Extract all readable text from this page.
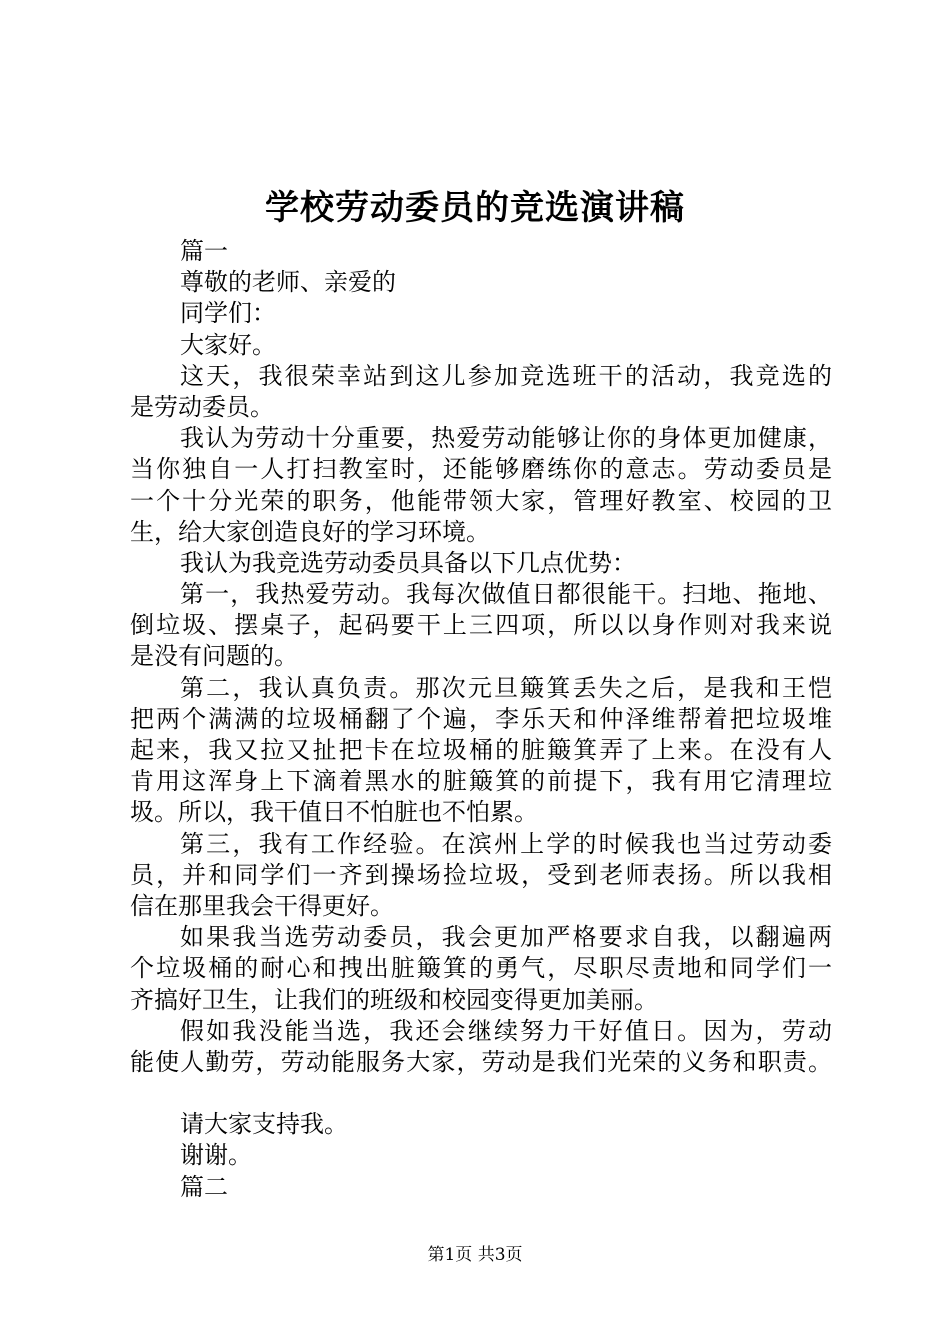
学校劳动委员的竞选演讲稿
篇一
尊敬的老师、亲爱的
同学们：
大家好。
这天，我很荣幸站到这儿参加竞选班干的活动，我竞选的
是劳动委员。
我认为劳动十分重要，热爱劳动能够让你的身体更加健康，
当你独自一人打扫教室时，还能够磨练你的意志。劳动委员是
一个十分光荣的职务，他能带领大家，管理好教室、校园的卫
生，给大家创造良好的学习环境。
我认为我竞选劳动委员具备以下几点优势：
第一，我热爱劳动。我每次做值日都很能干。扫地、拖地、
倒垃圾、摆桌子，起码要干上三四项，所以以身作则对我来说
是没有问题的。
第二，我认真负责。那次元旦簸箕丢失之后，是我和王恺
把两个满满的垃圾桶翻了个遍，李乐天和仲泽维帮着把垃圾堆
起来，我又拉又扯把卡在垃圾桶的脏簸箕弄了上来。在没有人
肯用这浑身上下滴着黑水的脏簸箕的前提下，我有用它清理垃
圾。所以，我干值日不怕脏也不怕累。
第三，我有工作经验。在滨州上学的时候我也当过劳动委
员，并和同学们一齐到操场捡垃圾，受到老师表扬。所以我相
信在那里我会干得更好。
如果我当选劳动委员，我会更加严格要求自我，以翻遍两
个垃圾桶的耐心和拽出脏簸箕的勇气，尽职尽责地和同学们一
齐搞好卫生，让我们的班级和校园变得更加美丽。
假如我没能当选，我还会继续努力干好值日。因为，劳动
能使人勤劳，劳动能服务大家，劳动是我们光荣的义务和职责。
请大家支持我。
谢谢。
篇二
第1页 共3页
